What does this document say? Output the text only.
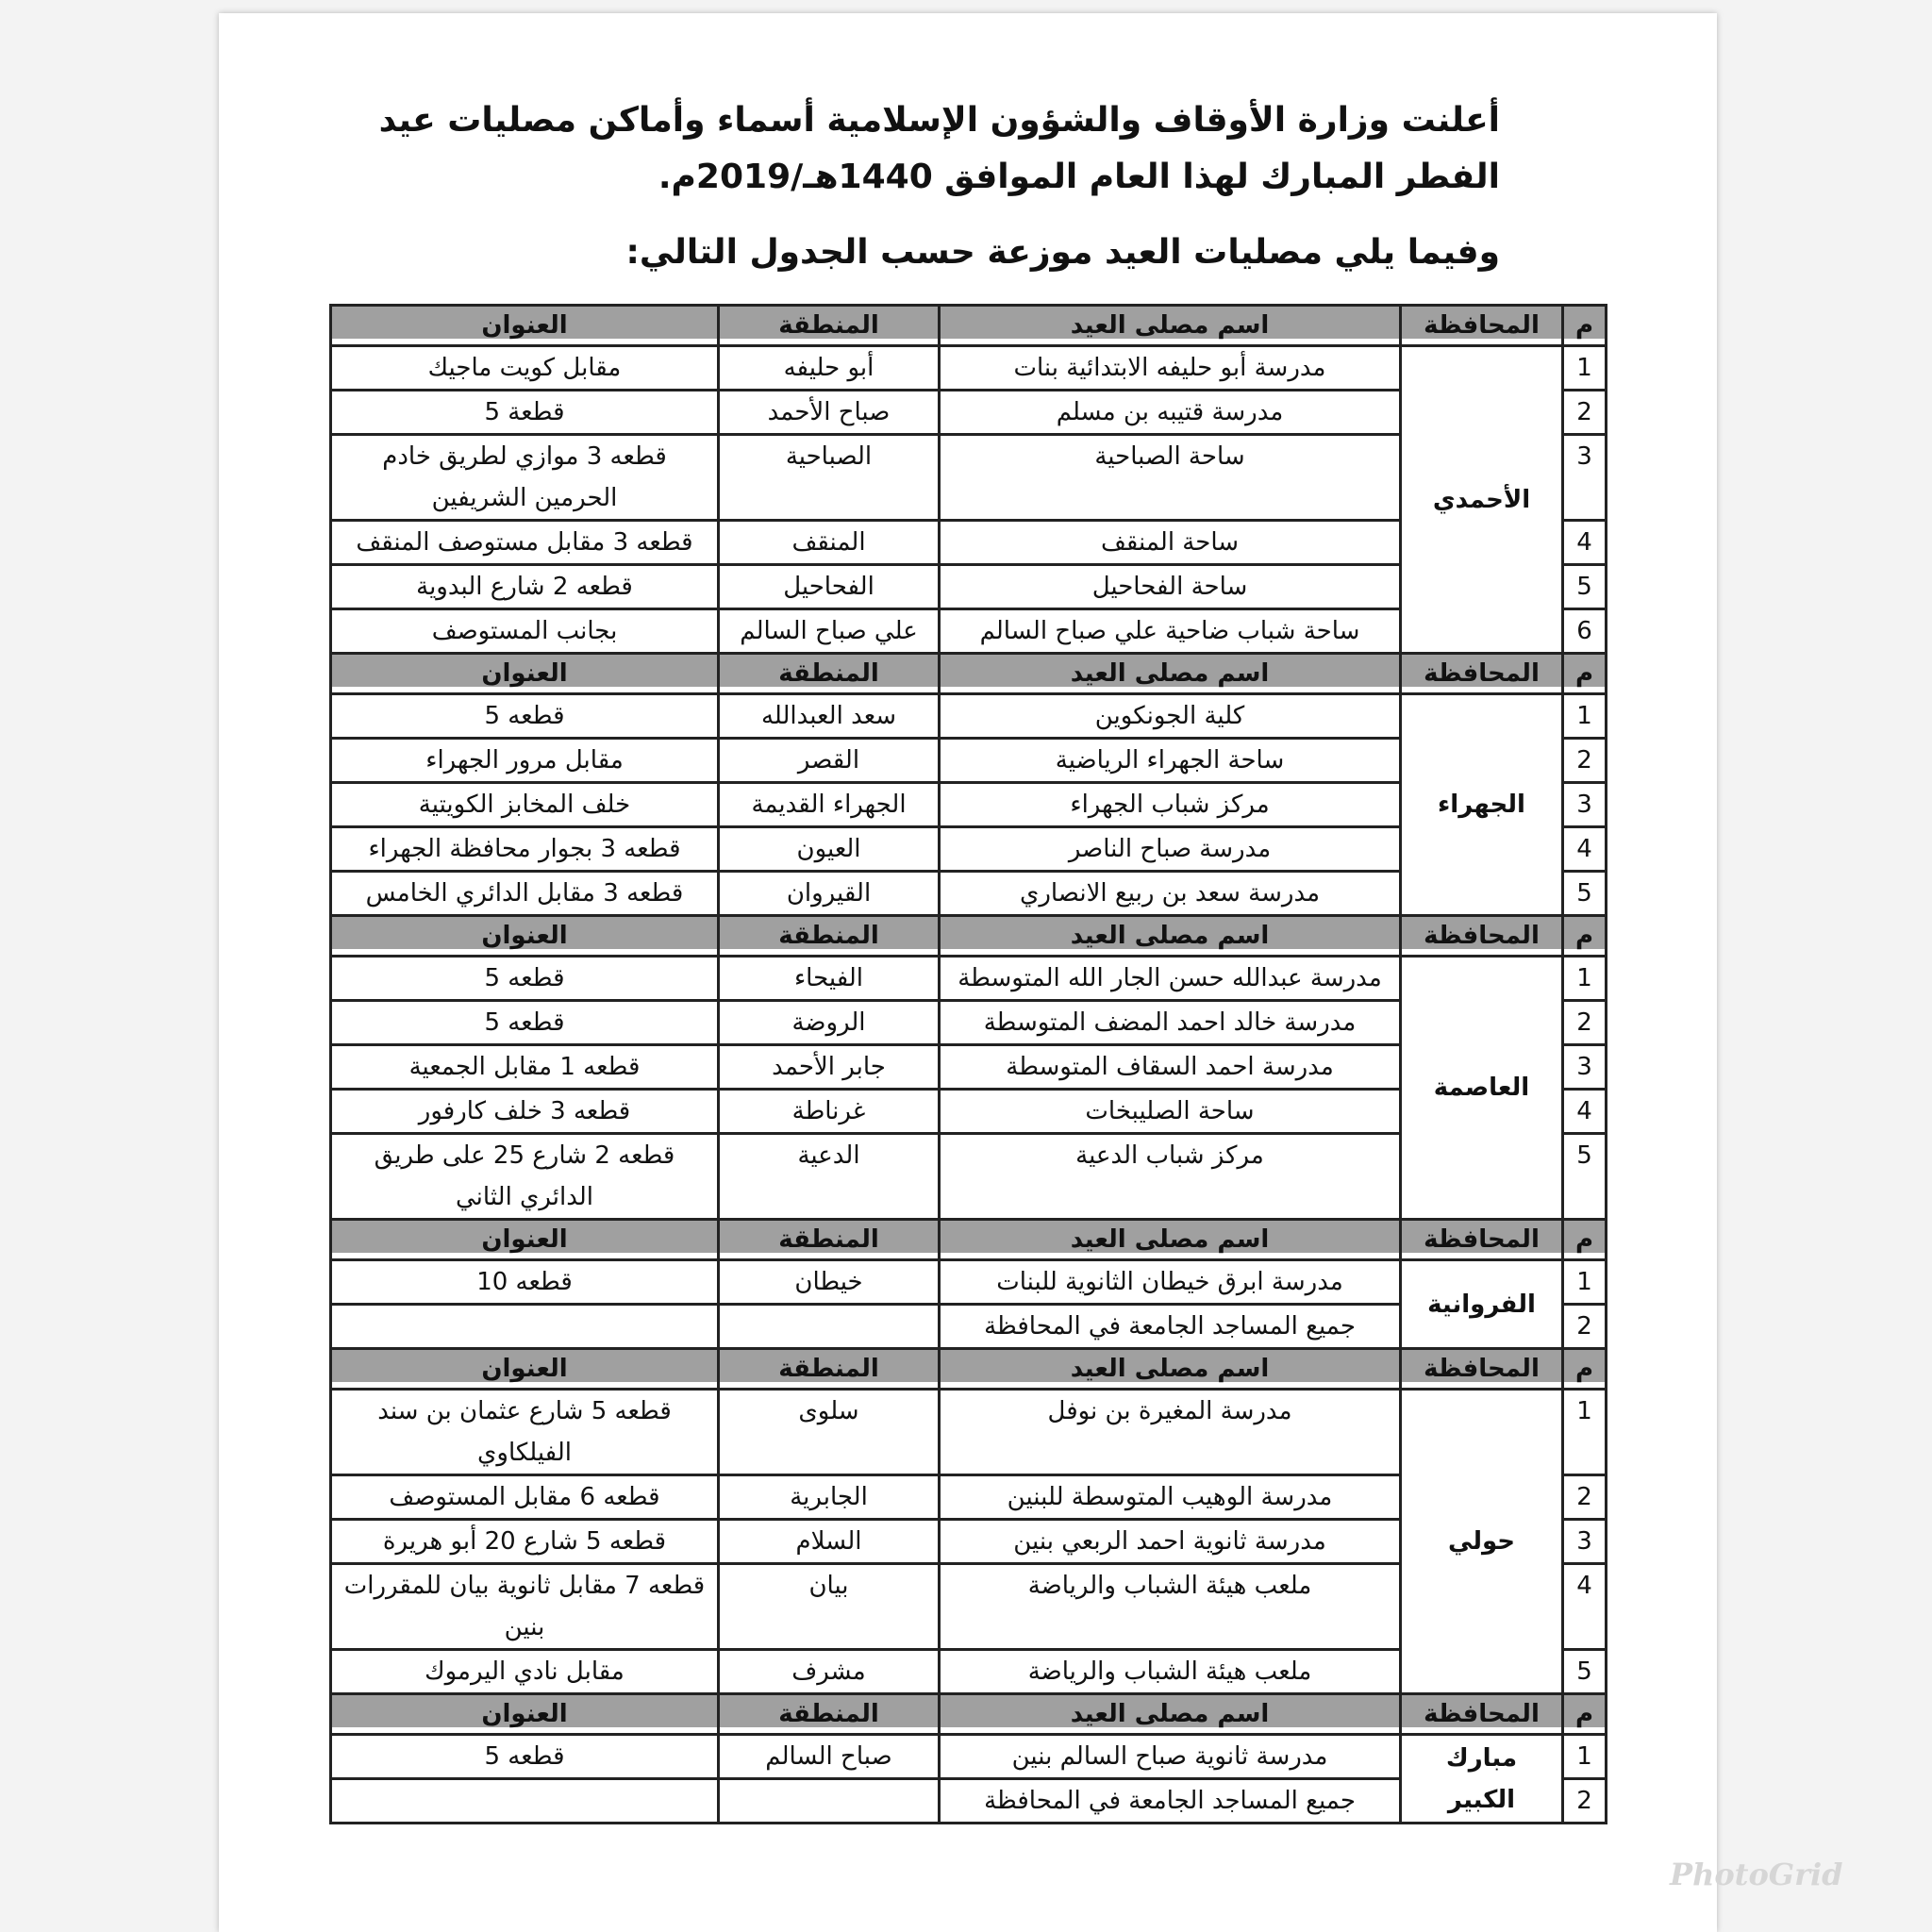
أعلنت وزارة الأوقاف والشؤون الإسلامية أسماء وأماكن مصليات عيد الفطر المبارك لهذا العام الموافق 1440هـ/2019م.

وفيما يلي مصليات العيد موزعة حسب الجدول التالي:

م	المحافظة	اسم مصلى العيد	المنطقة	العنوان
1	الأحمدي	مدرسة أبو حليفه الابتدائية بنات	أبو حليفه	مقابل كويت ماجيك
2		مدرسة قتيبه بن مسلم	صباح الأحمد	قطعة 5
3		ساحة الصباحية	الصباحية	قطعه 3 موازي لطريق خادم الحرمين الشريفين
4		ساحة المنقف	المنقف	قطعه 3 مقابل مستوصف المنقف
5		ساحة الفحاحيل	الفحاحيل	قطعه 2 شارع البدوية
6		ساحة شباب ضاحية علي صباح السالم	علي صباح السالم	بجانب المستوصف
م	المحافظة	اسم مصلى العيد	المنطقة	العنوان
1	الجهراء	كلية الجونكوين	سعد العبدالله	قطعه 5
2		ساحة الجهراء الرياضية	القصر	مقابل مرور الجهراء
3		مركز شباب الجهراء	الجهراء القديمة	خلف المخابز الكويتية
4		مدرسة صباح الناصر	العيون	قطعه 3 بجوار محافظة الجهراء
5		مدرسة سعد بن ربيع الانصاري	القيروان	قطعه 3 مقابل الدائري الخامس
م	المحافظة	اسم مصلى العيد	المنطقة	العنوان
1	العاصمة	مدرسة عبدالله حسن الجار الله المتوسطة	الفيحاء	قطعه 5
2		مدرسة خالد احمد المضف المتوسطة	الروضة	قطعه 5
3		مدرسة احمد السقاف المتوسطة	جابر الأحمد	قطعه 1 مقابل الجمعية
4		ساحة الصليبخات	غرناطة	قطعه 3 خلف كارفور
5		مركز شباب الدعية	الدعية	قطعه 2 شارع 25 على طريق الدائري الثاني
م	المحافظة	اسم مصلى العيد	المنطقة	العنوان
1	الفروانية	مدرسة ابرق خيطان الثانوية للبنات	خيطان	قطعه 10
2		جميع المساجد الجامعة في المحافظة		
م	المحافظة	اسم مصلى العيد	المنطقة	العنوان
1	حولي	مدرسة المغيرة بن نوفل	سلوى	قطعه 5 شارع عثمان بن سند الفيلكاوي
2		مدرسة الوهيب المتوسطة للبنين	الجابرية	قطعه 6 مقابل المستوصف
3		مدرسة ثانوية احمد الربعي بنين	السلام	قطعه 5 شارع 20 أبو هريرة
4		ملعب هيئة الشباب والرياضة	بيان	قطعه 7 مقابل ثانوية بيان للمقررات بنين
5		ملعب هيئة الشباب والرياضة	مشرف	مقابل نادي اليرموك
م	المحافظة	اسم مصلى العيد	المنطقة	العنوان
1	مبارك الكبير	مدرسة ثانوية صباح السالم بنين	صباح السالم	قطعه 5
2		جميع المساجد الجامعة في المحافظة		
PhotoGrid
